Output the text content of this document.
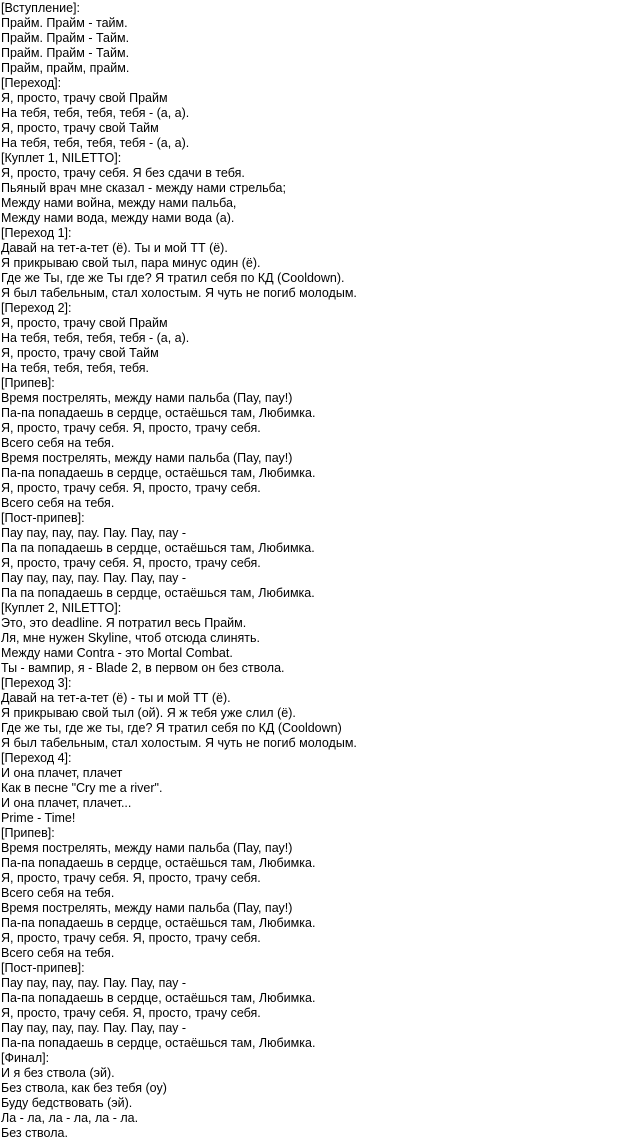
[Вступление]:
Прайм. Прайм - тайм.
Прайм. Прайм - Тайм.
Прайм. Прайм - Тайм.
Прайм, прайм, прайм.
[Переход]:
Я, просто, трачу свой Прайм
На тебя, тебя, тебя, тебя - (а, а).
Я, просто, трачу свой Тайм
На тебя, тебя, тебя, тебя - (а, а).
[Куплет 1, NILETTO]:
Я, просто, трачу себя. Я без сдачи в тебя.
Пьяный врач мне сказал - между нами стрельба;
Между нами война, между нами пальба,
Между нами вода, между нами вода (а).
[Переход 1]:
Давай на тет-а-тет (ё). Ты и мой ТТ (ё).
Я прикрываю свой тыл, пара минус один (ё).
Где же Ты, где же Ты где? Я тратил себя по КД (Cooldown).
Я был табельным, стал холостым. Я чуть не погиб молодым.
[Переход 2]:
Я, просто, трачу свой Прайм
На тебя, тебя, тебя, тебя - (а, а).
Я, просто, трачу свой Тайм
На тебя, тебя, тебя, тебя.
[Припев]:
Время пострелять, между нами пальба (Пау, пау!)
Па-па попадаешь в сердце, остаёшься там, Любимка.
Я, просто, трачу себя. Я, просто, трачу себя.
Всего себя на тебя.
Время пострелять, между нами пальба (Пау, пау!)
Па-па попадаешь в сердце, остаёшься там, Любимка.
Я, просто, трачу себя. Я, просто, трачу себя.
Всего себя на тебя.
[Пост-припев]:
Пау пау, пау, пау. Пау. Пау, пау -
Па па попадаешь в сердце, остаёшься там, Любимка.
Я, просто, трачу себя. Я, просто, трачу себя.
Пау пау, пау, пау. Пау. Пау, пау -
Па па попадаешь в сердце, остаёшься там, Любимка.
[Куплет 2, NILETTO]:
Это, это deadline. Я потратил весь Прайм.
Ля, мне нужен Skyline, чтоб отсюда слинять.
Между нами Contra - это Mortal Combat.
Ты - вампир, я - Blade 2, в первом он без ствола.
[Переход 3]:
Давай на тет-а-тет (ё) - ты и мой ТТ (ё).
Я прикрываю свой тыл (ой). Я ж тебя уже слил (ё).
Где же ты, где же ты, где? Я тратил себя по КД (Cooldown)
Я был табельным, стал холостым. Я чуть не погиб молодым.
[Переход 4]:
И она плачет, плачет
Как в песне "Cry me a river".
И она плачет, плачет...
Prime - Time!
[Припев]:
Время пострелять, между нами пальба (Пау, пау!)
Па-па попадаешь в сердце, остаёшься там, Любимка.
Я, просто, трачу себя. Я, просто, трачу себя.
Всего себя на тебя.
Время пострелять, между нами пальба (Пау, пау!)
Па-па попадаешь в сердце, остаёшься там, Любимка.
Я, просто, трачу себя. Я, просто, трачу себя.
Всего себя на тебя.
[Пост-припев]:
Пау пау, пау, пау. Пау. Пау, пау -
Па-па попадаешь в сердце, остаёшься там, Любимка.
Я, просто, трачу себя. Я, просто, трачу себя.
Пау пау, пау, пау. Пау. Пау, пау -
Па-па попадаешь в сердце, остаёшься там, Любимка.
[Финал]:
И я без ствола (эй).
Без ствола, как без тебя (оу)
Буду бедствовать (эй).
Ла - ла, ла - ла, ла - ла.
Без ствола.
